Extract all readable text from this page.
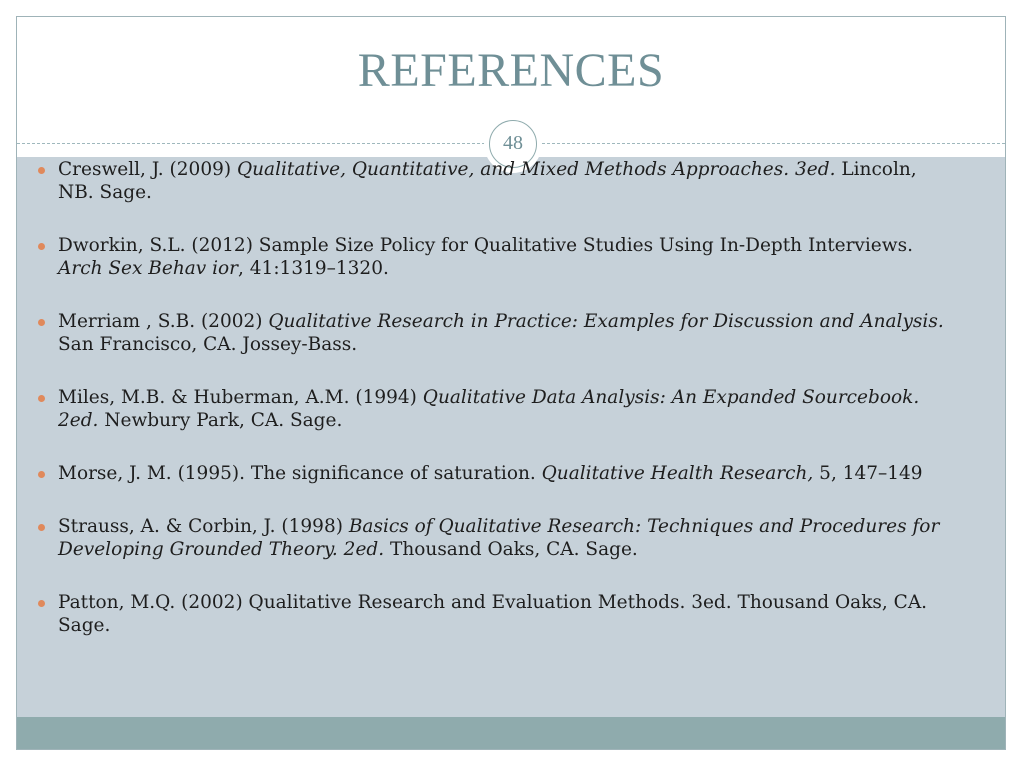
REFERENCES
48
Creswell, J. (2009) Qualitative, Quantitative, and Mixed Methods Approaches. 3ed. Lincoln, NB. Sage.
Dworkin, S.L. (2012) Sample Size Policy for Qualitative Studies Using In-Depth Interviews. Arch Sex Behav ior, 41:1319–1320.
Merriam , S.B. (2002) Qualitative Research in Practice: Examples for Discussion and Analysis. San Francisco, CA. Jossey-Bass.
Miles, M.B. & Huberman, A.M. (1994) Qualitative Data Analysis: An Expanded Sourcebook. 2ed. Newbury Park, CA. Sage.
Morse, J. M. (1995). The significance of saturation. Qualitative Health Research, 5, 147–149
Strauss, A. & Corbin, J. (1998) Basics of Qualitative Research: Techniques and Procedures for Developing Grounded Theory. 2ed. Thousand Oaks, CA. Sage.
Patton, M.Q. (2002) Qualitative Research and Evaluation Methods. 3ed. Thousand Oaks, CA. Sage.
